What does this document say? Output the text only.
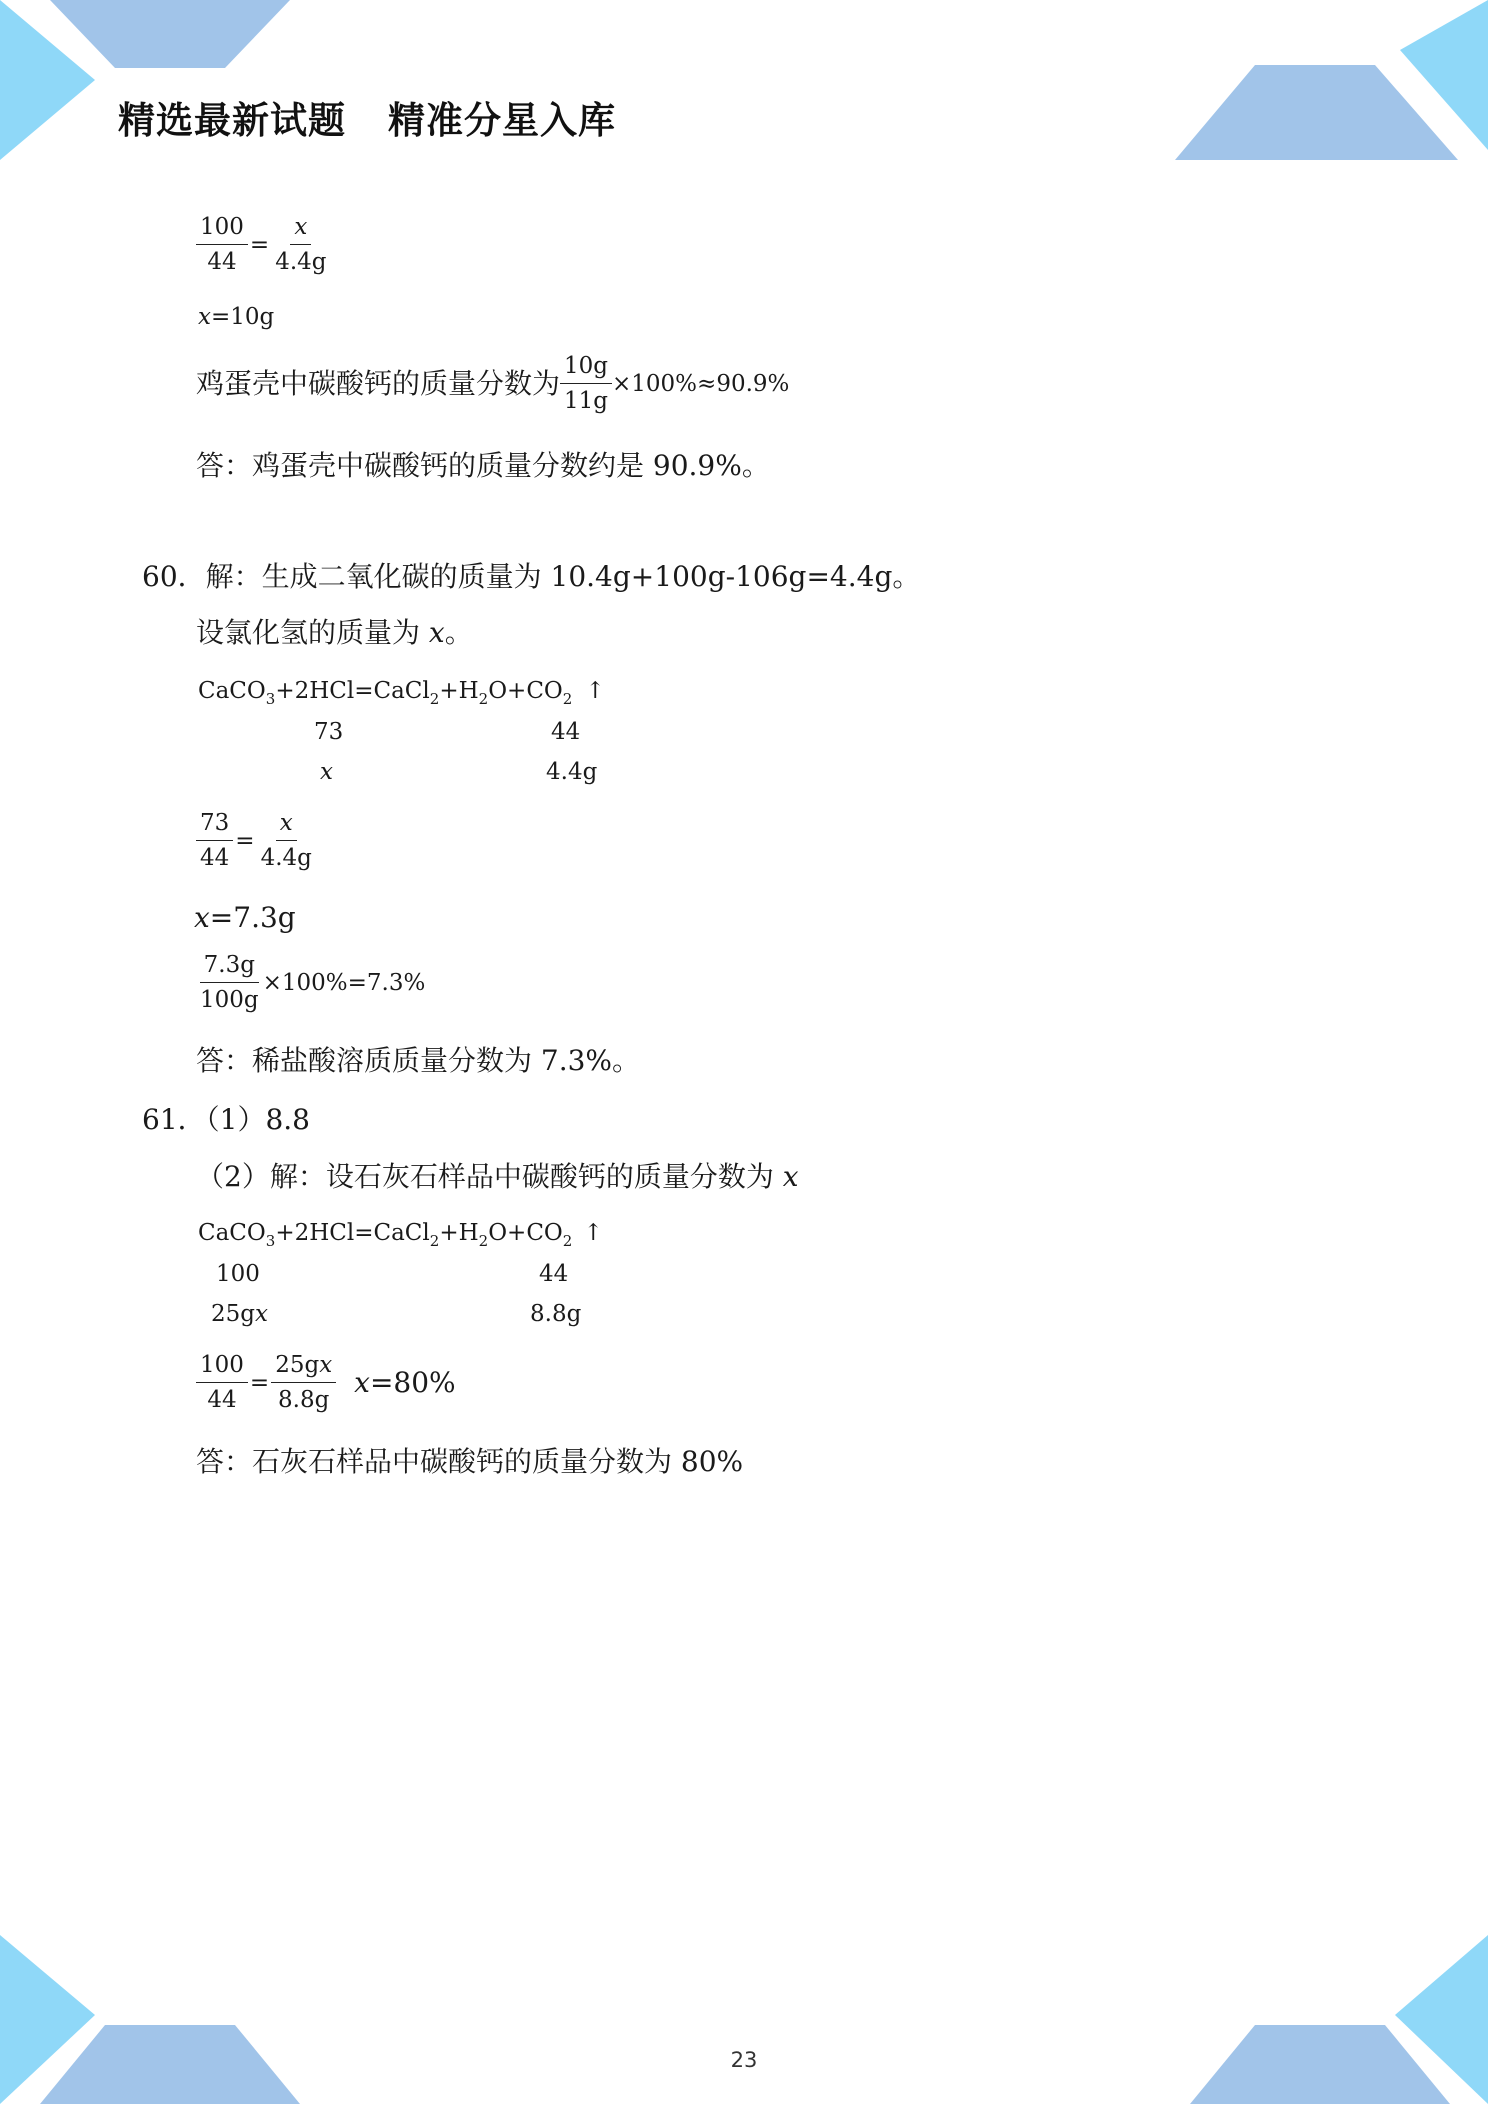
精选最新试题 精准分星入库
$\frac{100}{44} = \frac{x}{4.4g}$
x=10g
鸡蛋壳中碳酸钙的质量分数为 $\frac{10g}{11g} \times 100\%\approx 90.9\%$
答：鸡蛋壳中碳酸钙的质量分数约是 90.9%。
60．解：生成二氧化碳的质量为 10.4g+100g-106g=4.4g。
设氯化氢的质量为 x。
$CaCO_3+2HCl=CaCl_2+H_2O+CO_2$ ↑
73	44
x	4.4g
$\frac{73}{44} = \frac{x}{4.4g}$
x=7.3g
$\frac{7.3g}{100g} \times 100\%=7.3\%$
答：稀盐酸溶质质量分数为 7.3%。
61．（1）8.8
（2）解：设石灰石样品中碳酸钙的质量分数为 x
$CaCO_3+2HCl=CaCl_2+H_2O+CO_2$ ↑
100	44
25gx	8.8g
$\frac{100}{44} = \frac{25gx}{8.8g} x=80\%$
答：石灰石样品中碳酸钙的质量分数为 80%
23
